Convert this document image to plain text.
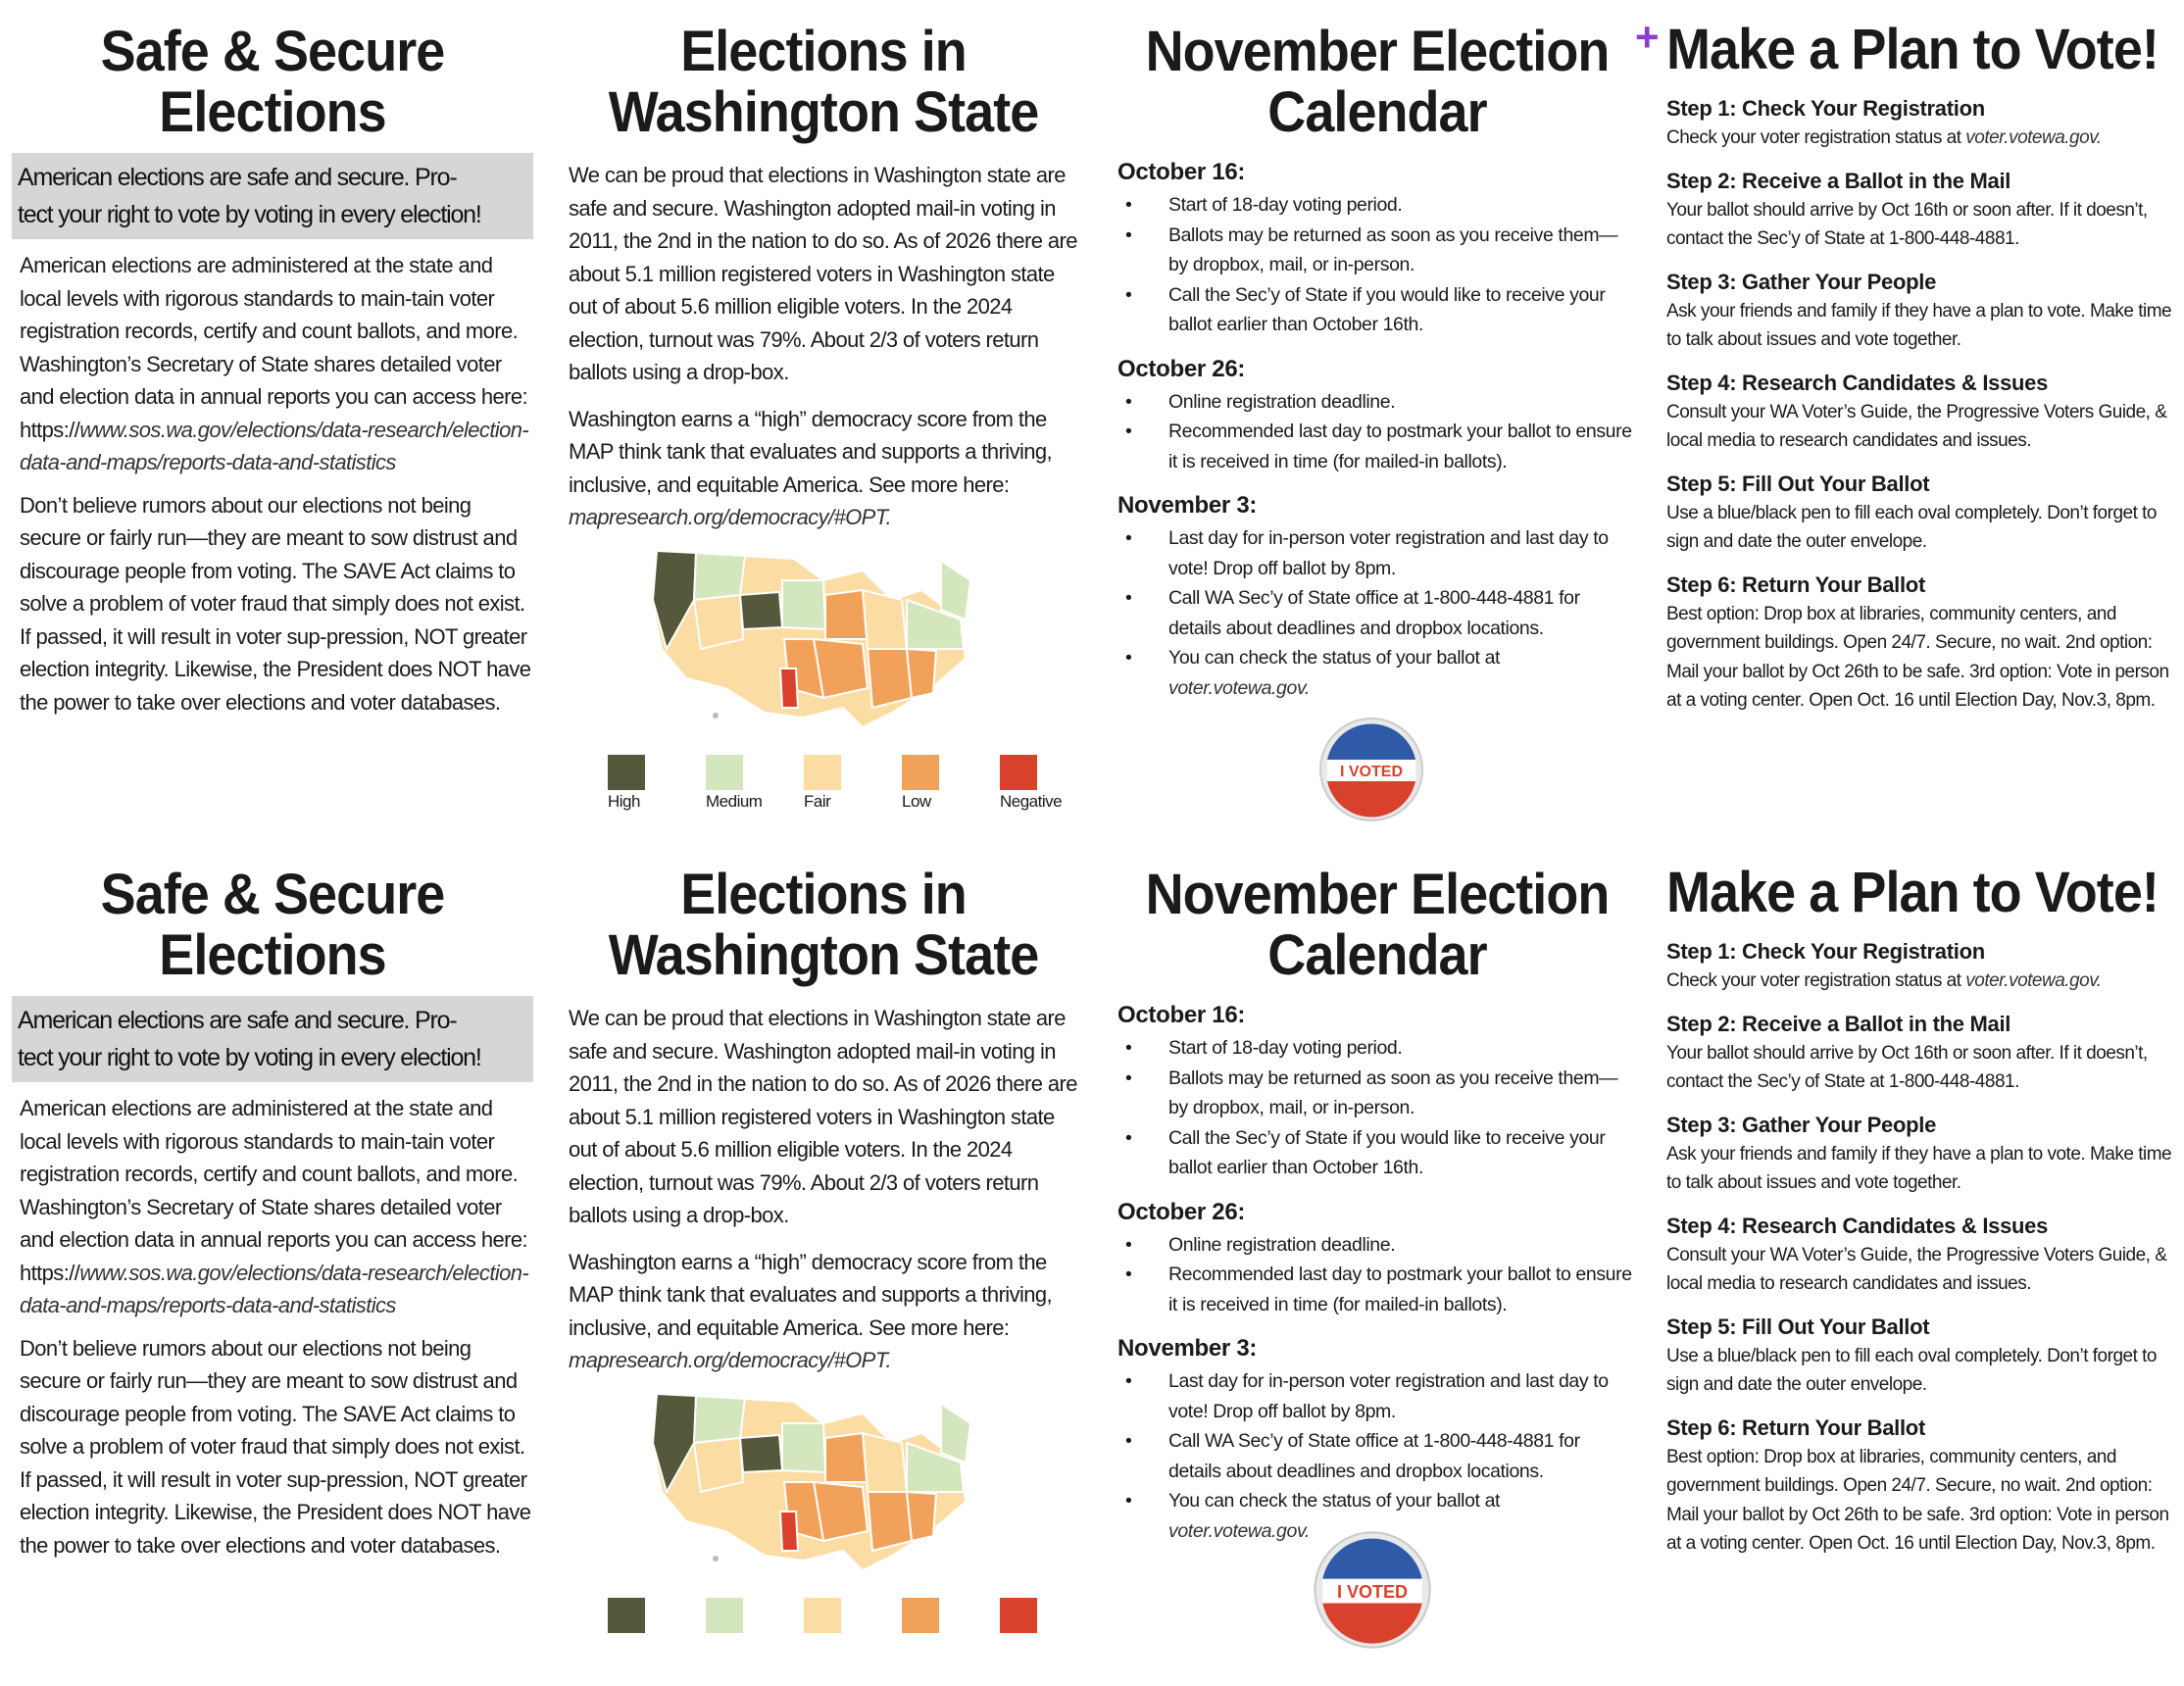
+
Safe & Secure
Elections
American elections are safe and secure. Pro-
tect your right to vote by voting in every election!

American elections are administered at the state and local levels with rigorous standards to main-tain voter registration records, certify and count ballots, and more. Washington’s Secretary of State shares detailed voter and election data in annual reports you can access here: https://www.sos.wa.gov/elections/data-research/election-data-and-maps/reports-data-and-statistics

Don’t believe rumors about our elections not being secure or fairly run—they are meant to sow distrust and discourage people from voting. The SAVE Act claims to solve a problem of voter fraud that simply does not exist. If passed, it will result in voter sup-pression, NOT greater election integrity. Likewise, the President does NOT have the power to take over elections and voter databases.

Elections in
Washington State

We can be proud that elections in Washington state are safe and secure. Washington adopted mail-in voting in 2011, the 2nd in the nation to do so. As of 2026 there are about 5.1 million registered voters in Washington state out of about 5.6 million eligible voters. In the 2024 election, turnout was 79%. About 2/3 of voters return ballots using a drop-box.

Washington earns a “high” democracy score from the MAP think tank that evaluates and supports a thriving, inclusive, and equitable America. See more here: mapresearch.org/democracy/#OPT.

High	Medium	Fair	Low	Negative
November Election
Calendar
October 16:
• Start of 18-day voting period.
• Ballots may be returned as soon as you receive them—by dropbox, mail, or in-person.
• Call the Sec’y of State if you would like to receive your ballot earlier than October 16th.
October 26:
• Online registration deadline.
• Recommended last day to postmark your ballot to ensure it is received in time (for mailed-in ballots).
November 3:
• Last day for in-person voter registration and last day to vote! Drop off ballot by 8pm.
• Call WA Sec’y of State office at 1-800-448-4881 for details about deadlines and dropbox locations.
• You can check the status of your ballot at voter.votewa.gov.
I VOTED
Make a Plan to Vote!
Step 1: Check Your Registration

Check your voter registration status at voter.votewa.gov.

Step 2: Receive a Ballot in the Mail

Your ballot should arrive by Oct 16th or soon after. If it doesn’t, contact the Sec’y of State at 1-800-448-4881.

Step 3: Gather Your People

Ask your friends and family if they have a plan to vote. Make time to talk about issues and vote together.

Step 4: Research Candidates & Issues

Consult your WA Voter’s Guide, the Progressive Voters Guide, & local media to research candidates and issues.

Step 5: Fill Out Your Ballot

Use a blue/black pen to fill each oval completely. Don’t forget to sign and date the outer envelope.

Step 6: Return Your Ballot

Best option: Drop box at libraries, community centers, and government buildings. Open 24/7. Secure, no wait. 2nd option: Mail your ballot by Oct 26th to be safe. 3rd option: Vote in person at a voting center. Open Oct. 16 until Election Day, Nov.3, 8pm.

Safe & Secure
Elections
American elections are safe and secure. Pro-
tect your right to vote by voting in every election!

American elections are administered at the state and local levels with rigorous standards to main-tain voter registration records, certify and count ballots, and more. Washington’s Secretary of State shares detailed voter and election data in annual reports you can access here: https://www.sos.wa.gov/elections/data-research/election-data-and-maps/reports-data-and-statistics

Don’t believe rumors about our elections not being secure or fairly run—they are meant to sow distrust and discourage people from voting. The SAVE Act claims to solve a problem of voter fraud that simply does not exist. If passed, it will result in voter sup-pression, NOT greater election integrity. Likewise, the President does NOT have the power to take over elections and voter databases.

Elections in
Washington State

We can be proud that elections in Washington state are safe and secure. Washington adopted mail-in voting in 2011, the 2nd in the nation to do so. As of 2026 there are about 5.1 million registered voters in Washington state out of about 5.6 million eligible voters. In the 2024 election, turnout was 79%. About 2/3 of voters return ballots using a drop-box.

Washington earns a “high” democracy score from the MAP think tank that evaluates and supports a thriving, inclusive, and equitable America. See more here: mapresearch.org/democracy/#OPT.

November Election
Calendar
October 16:
• Start of 18-day voting period.
• Ballots may be returned as soon as you receive them—by dropbox, mail, or in-person.
• Call the Sec’y of State if you would like to receive your ballot earlier than October 16th.
October 26:
• Online registration deadline.
• Recommended last day to postmark your ballot to ensure it is received in time (for mailed-in ballots).
November 3:
• Last day for in-person voter registration and last day to vote! Drop off ballot by 8pm.
• Call WA Sec’y of State office at 1-800-448-4881 for details about deadlines and dropbox locations.
• You can check the status of your ballot at voter.votewa.gov.
I VOTED
Make a Plan to Vote!
Step 1: Check Your Registration

Check your voter registration status at voter.votewa.gov.

Step 2: Receive a Ballot in the Mail

Your ballot should arrive by Oct 16th or soon after. If it doesn’t, contact the Sec’y of State at 1-800-448-4881.

Step 3: Gather Your People

Ask your friends and family if they have a plan to vote. Make time to talk about issues and vote together.

Step 4: Research Candidates & Issues

Consult your WA Voter’s Guide, the Progressive Voters Guide, & local media to research candidates and issues.

Step 5: Fill Out Your Ballot

Use a blue/black pen to fill each oval completely. Don’t forget to sign and date the outer envelope.

Step 6: Return Your Ballot

Best option: Drop box at libraries, community centers, and government buildings. Open 24/7. Secure, no wait. 2nd option: Mail your ballot by Oct 26th to be safe. 3rd option: Vote in person at a voting center. Open Oct. 16 until Election Day, Nov.3, 8pm.
